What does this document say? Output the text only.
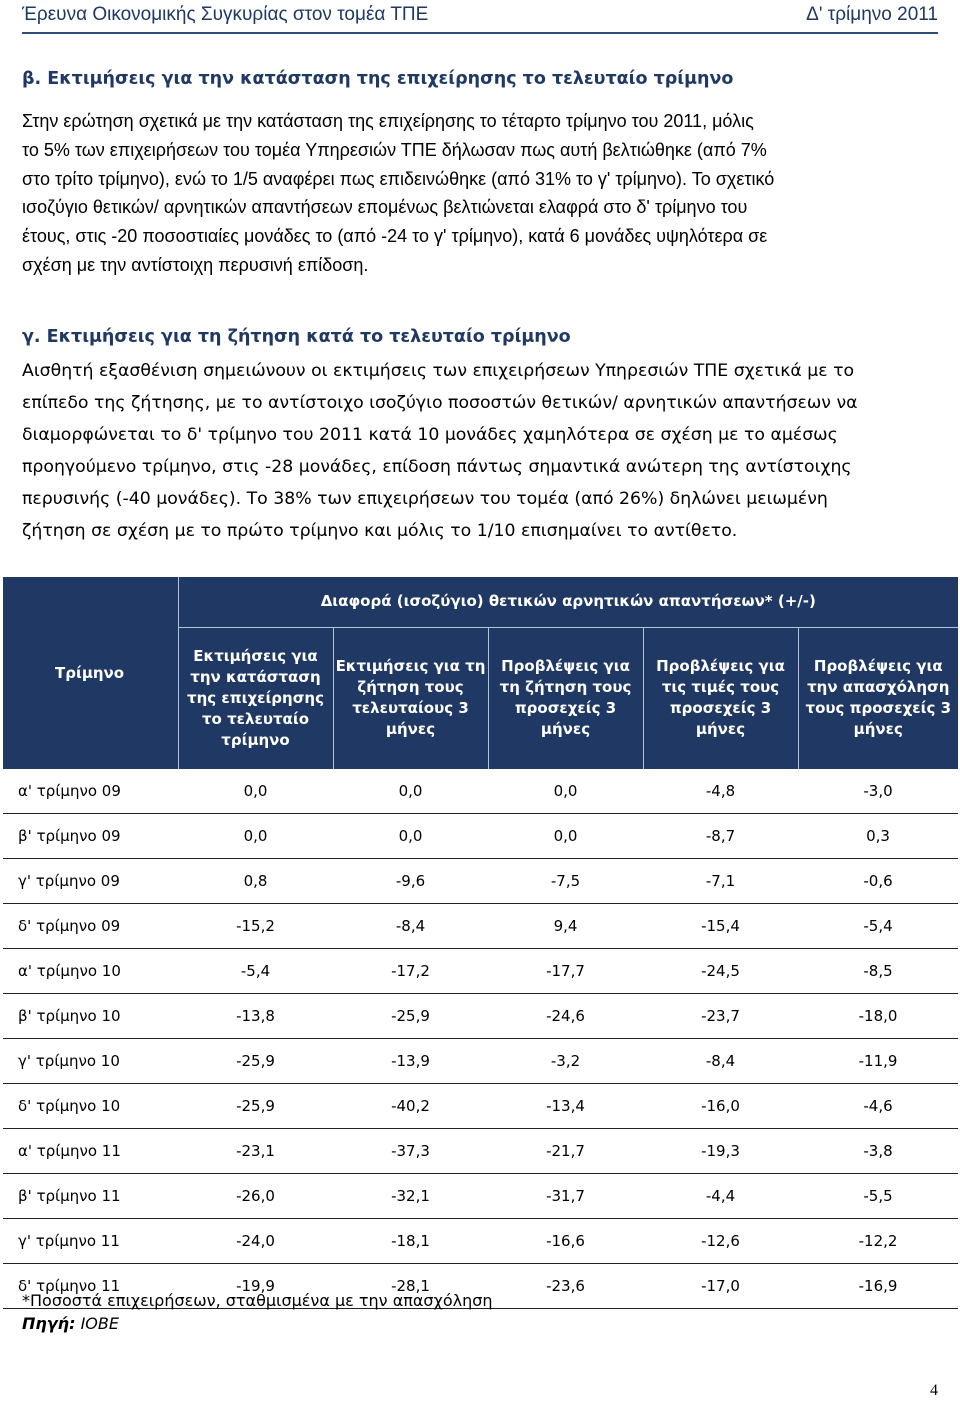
Έρευνα Οικονομικής Συγκυρίας στον τομέα ΤΠΕ	Δ' τρίμηνο 2011
β. Εκτιμήσεις για την κατάσταση της επιχείρησης το τελευταίο τρίμηνο
Στην ερώτηση σχετικά με την κατάσταση της επιχείρησης το τέταρτο τρίμηνο του 2011, μόλις
το 5% των επιχειρήσεων του τομέα Υπηρεσιών ΤΠΕ δήλωσαν πως αυτή βελτιώθηκε (από 7%
στο τρίτο τρίμηνο), ενώ το 1/5 αναφέρει πως επιδεινώθηκε (από 31% το γ' τρίμηνο). Το σχετικό
ισοζύγιο θετικών/ αρνητικών απαντήσεων επομένως βελτιώνεται ελαφρά στο δ' τρίμηνο του
έτους, στις -20 ποσοστιαίες μονάδες το (από -24 το γ' τρίμηνο), κατά 6 μονάδες υψηλότερα σε
σχέση με την αντίστοιχη περυσινή επίδοση.
γ. Εκτιμήσεις για τη ζήτηση κατά το τελευταίο τρίμηνο
Αισθητή εξασθένιση σημειώνουν οι εκτιμήσεις των επιχειρήσεων Υπηρεσιών ΤΠΕ σχετικά με το
επίπεδο της ζήτησης, με το αντίστοιχο ισοζύγιο ποσοστών θετικών/ αρνητικών απαντήσεων να
διαμορφώνεται το δ' τρίμηνο του 2011 κατά 10 μονάδες χαμηλότερα σε σχέση με το αμέσως
προηγούμενο τρίμηνο, στις -28 μονάδες, επίδοση πάντως σημαντικά ανώτερη της αντίστοιχης
περυσινής (-40 μονάδες). Το 38% των επιχειρήσεων του τομέα (από 26%) δηλώνει μειωμένη
ζήτηση σε σχέση με το πρώτο τρίμηνο και μόλις το 1/10 επισημαίνει το αντίθετο.
Τρίμηνο	Διαφορά (ισοζύγιο) θετικών αρνητικών απαντήσεων* (+/-)				
	Εκτιμήσεις για την κατάσταση της επιχείρησης το τελευταίο τρίμηνο	Εκτιμήσεις για τη ζήτηση τους τελευταίους 3 μήνες	Προβλέψεις για τη ζήτηση τους προσεχείς 3 μήνες	Προβλέψεις για τις τιμές τους προσεχείς 3 μήνες	Προβλέψεις για την απασχόληση τους προσεχείς 3 μήνες
α' τρίμηνο 09	0,0	0,0	0,0	-4,8	-3,0
β' τρίμηνο 09	0,0	0,0	0,0	-8,7	0,3
γ' τρίμηνο 09	0,8	-9,6	-7,5	-7,1	-0,6
δ' τρίμηνο 09	-15,2	-8,4	9,4	-15,4	-5,4
α' τρίμηνο 10	-5,4	-17,2	-17,7	-24,5	-8,5
β' τρίμηνο 10	-13,8	-25,9	-24,6	-23,7	-18,0
γ' τρίμηνο 10	-25,9	-13,9	-3,2	-8,4	-11,9
δ' τρίμηνο 10	-25,9	-40,2	-13,4	-16,0	-4,6
α' τρίμηνο 11	-23,1	-37,3	-21,7	-19,3	-3,8
β' τρίμηνο 11	-26,0	-32,1	-31,7	-4,4	-5,5
γ' τρίμηνο 11	-24,0	-18,1	-16,6	-12,6	-12,2
δ' τρίμηνο 11	-19,9	-28,1	-23,6	-17,0	-16,9
*Ποσοστά επιχειρήσεων, σταθμισμένα με την απασχόληση
Πηγή: ΙΟΒΕ
4
